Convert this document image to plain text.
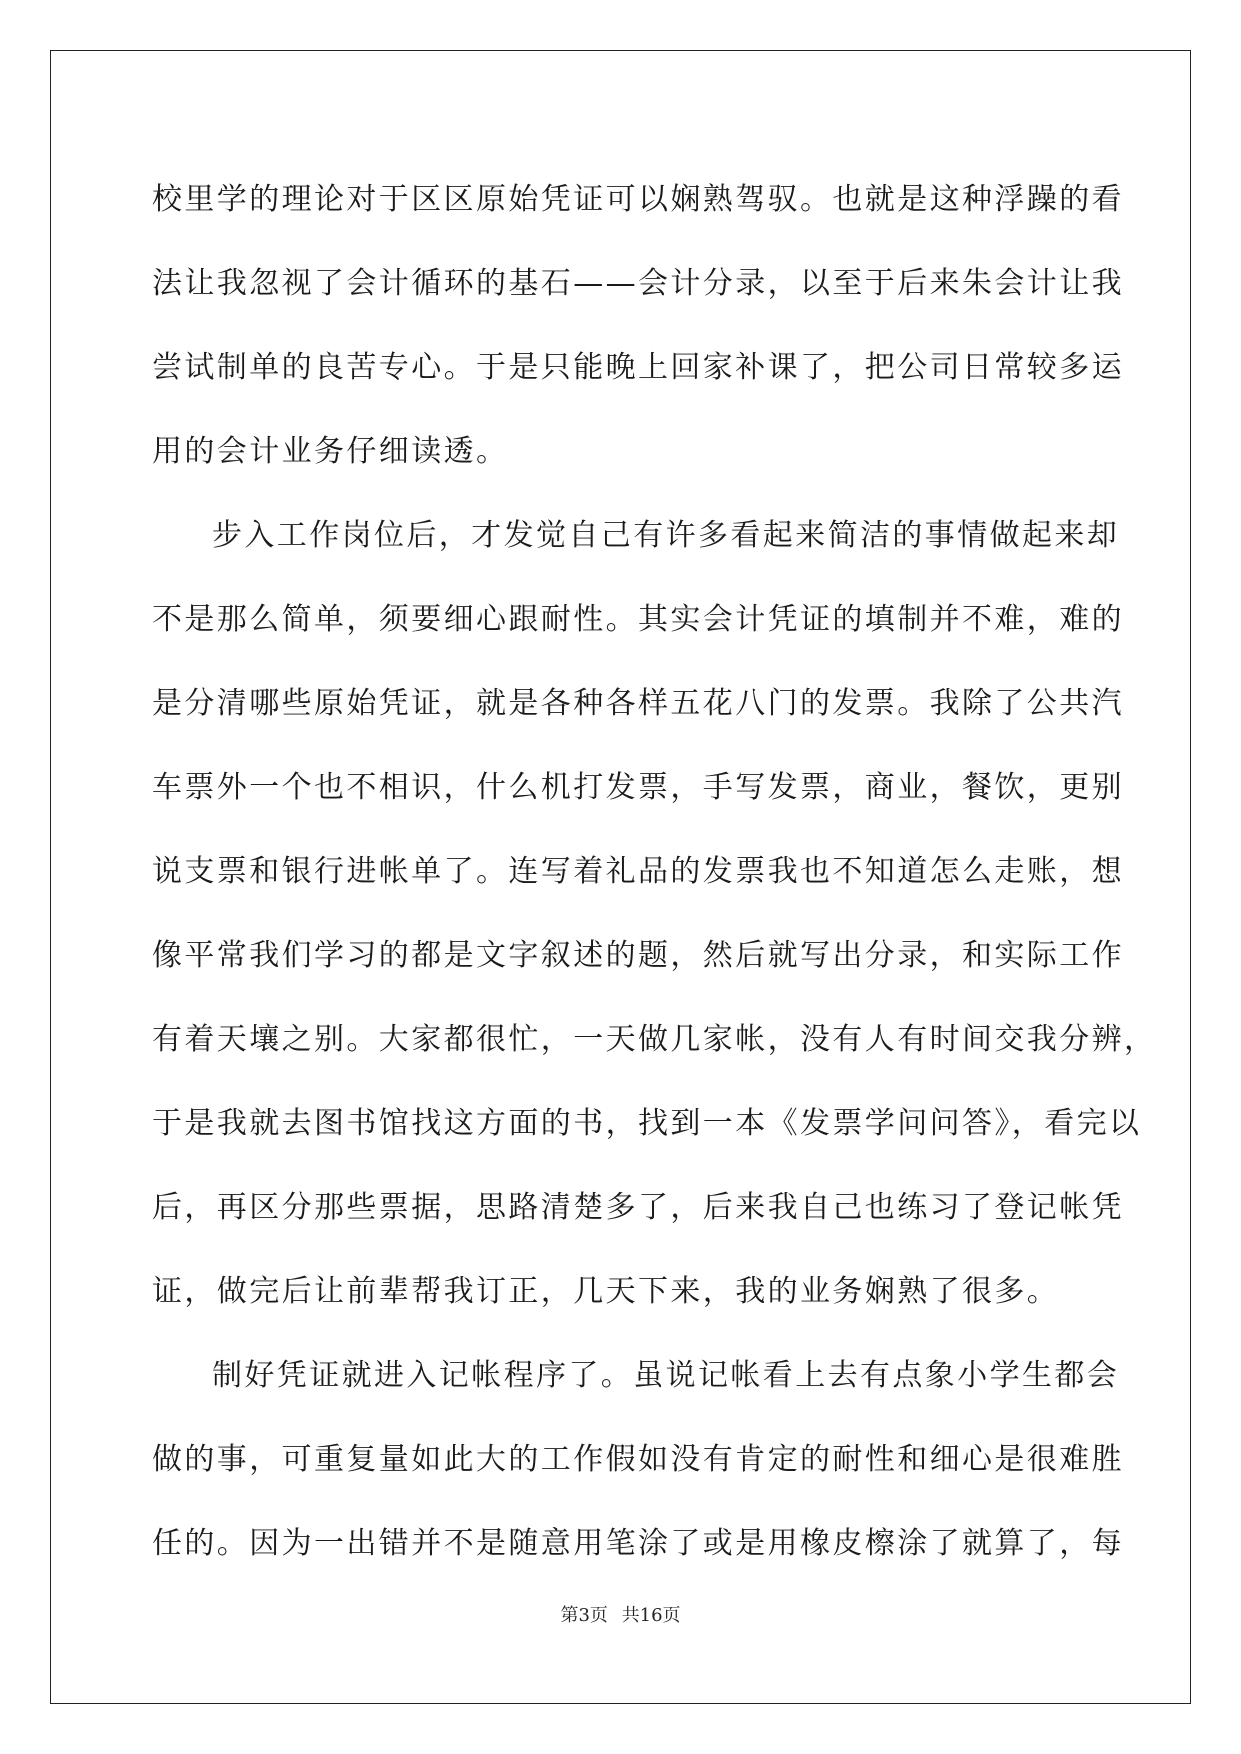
校里学的理论对于区区原始凭证可以娴熟驾驭。也就是这种浮躁的看
法让我忽视了会计循环的基石——会计分录，以至于后来朱会计让我
尝试制单的良苦专心。于是只能晚上回家补课了，把公司日常较多运
用的会计业务仔细读透。
步入工作岗位后，才发觉自己有许多看起来简洁的事情做起来却
不是那么简单，须要细心跟耐性。其实会计凭证的填制并不难，难的
是分清哪些原始凭证，就是各种各样五花八门的发票。我除了公共汽
车票外一个也不相识，什么机打发票，手写发票，商业，餐饮，更别
说支票和银行进帐单了。连写着礼品的发票我也不知道怎么走账，想
像平常我们学习的都是文字叙述的题，然后就写出分录，和实际工作
有着天壤之别。大家都很忙，一天做几家帐，没有人有时间交我分辨，
于是我就去图书馆找这方面的书，找到一本《发票学问问答》，看完以
后，再区分那些票据，思路清楚多了，后来我自己也练习了登记帐凭
证，做完后让前辈帮我订正，几天下来，我的业务娴熟了很多。
制好凭证就进入记帐程序了。虽说记帐看上去有点象小学生都会
做的事，可重复量如此大的工作假如没有肯定的耐性和细心是很难胜
任的。因为一出错并不是随意用笔涂了或是用橡皮檫涂了就算了，每
第3页 共16页
